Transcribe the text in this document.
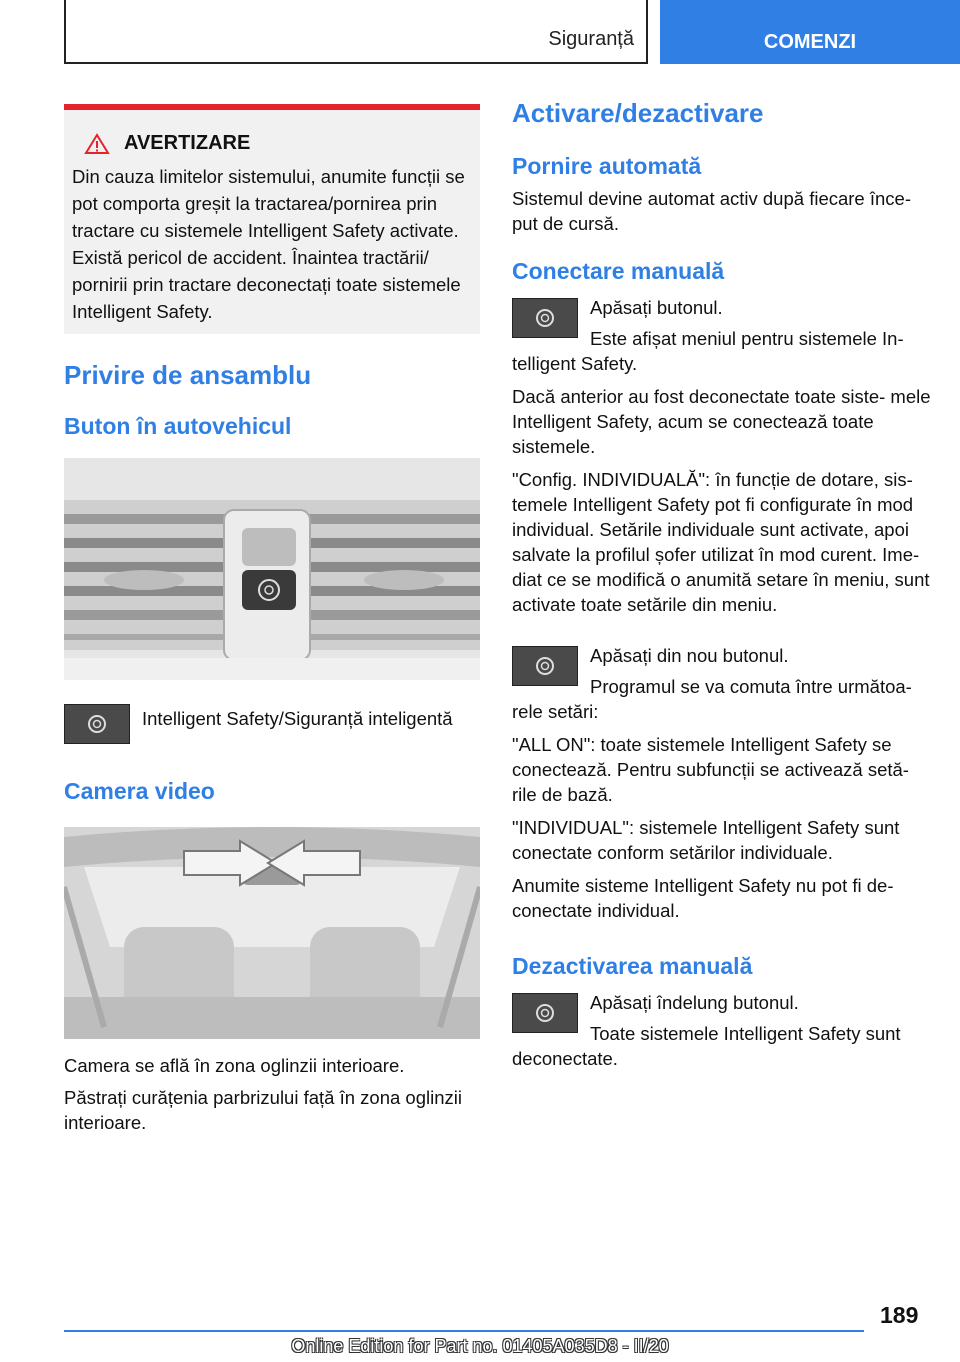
Siguranță	COMENZI
AVERTIZARE
Din cauza limitelor sistemului, anumite funcții se pot comporta greșit la tractarea/pornirea prin tractare cu sistemele Intelligent Safety activate. Există pericol de accident. Înaintea tractării/ pornirii prin tractare deconectați toate sistemele Intelligent Safety.
Privire de ansamblu
Buton în autovehicul

Intelligent Safety/Siguranță inteligentă

Camera video

Camera se află în zona oglinzii interioare.

Păstrați curățenia parbrizului față în zona oglinzii interioare.

Activare/dezactivare
Pornire automată

Sistemul devine automat activ după fiecare înce- put de cursă.

Conectare manuală

Apăsați butonul.

Este afișat meniul pentru sistemele In- telligent Safety.

Dacă anterior au fost deconectate toate siste- mele Intelligent Safety, acum se conectează toate sistemele.

"Config. INDIVIDUALĂ": în funcție de dotare, sis- temele Intelligent Safety pot fi configurate în mod individual. Setările individuale sunt activate, apoi salvate la profilul șofer utilizat în mod curent. Ime- diat ce se modifică o anumită setare în meniu, sunt activate toate setările din meniu.

Apăsați din nou butonul.

Programul se va comuta între următoa- rele setări:

"ALL ON": toate sistemele Intelligent Safety se conectează. Pentru subfuncții se activează setă- rile de bază.

"INDIVIDUAL": sistemele Intelligent Safety sunt conectate conform setărilor individuale.

Anumite sisteme Intelligent Safety nu pot fi de- conectate individual.

Dezactivarea manuală

Apăsați îndelung butonul.

Toate sistemele Intelligent Safety sunt deconectate.

189
Online Edition for Part no. 01405A035D8 - II/20
